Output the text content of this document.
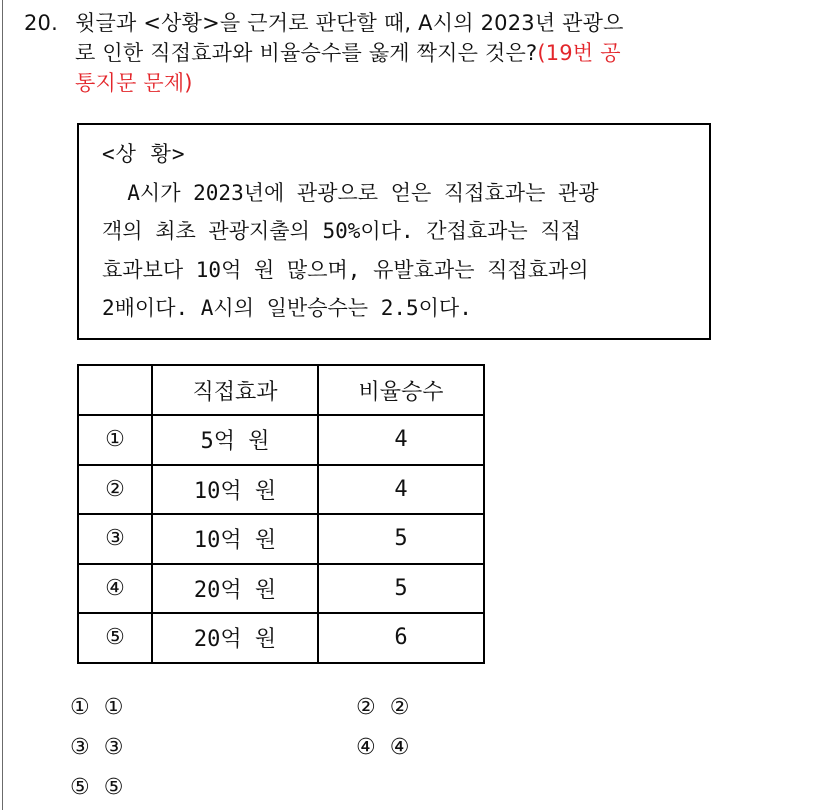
20. 윗글과 <상황>을 근거로 판단할 때, A시의 2023년 관광으
로 인한 직접효과와 비율승수를 옳게 짝지은 것은?(19번 공
통지문 문제)
<상 황>
A시가 2023년에 관광으로 얻은 직접효과는 관광
객의 최초 관광지출의 50%이다. 간접효과는 직접
효과보다 10억 원 많으며, 유발효과는 직접효과의
2배이다. A시의 일반승수는 2.5이다.
	직접효과	비율승수
①	5억 원	4
②	10억 원	4
③	10억 원	5
④	20억 원	5
⑤	20억 원	6
① ①	② ②
③ ③	④ ④
⑤ ⑤
